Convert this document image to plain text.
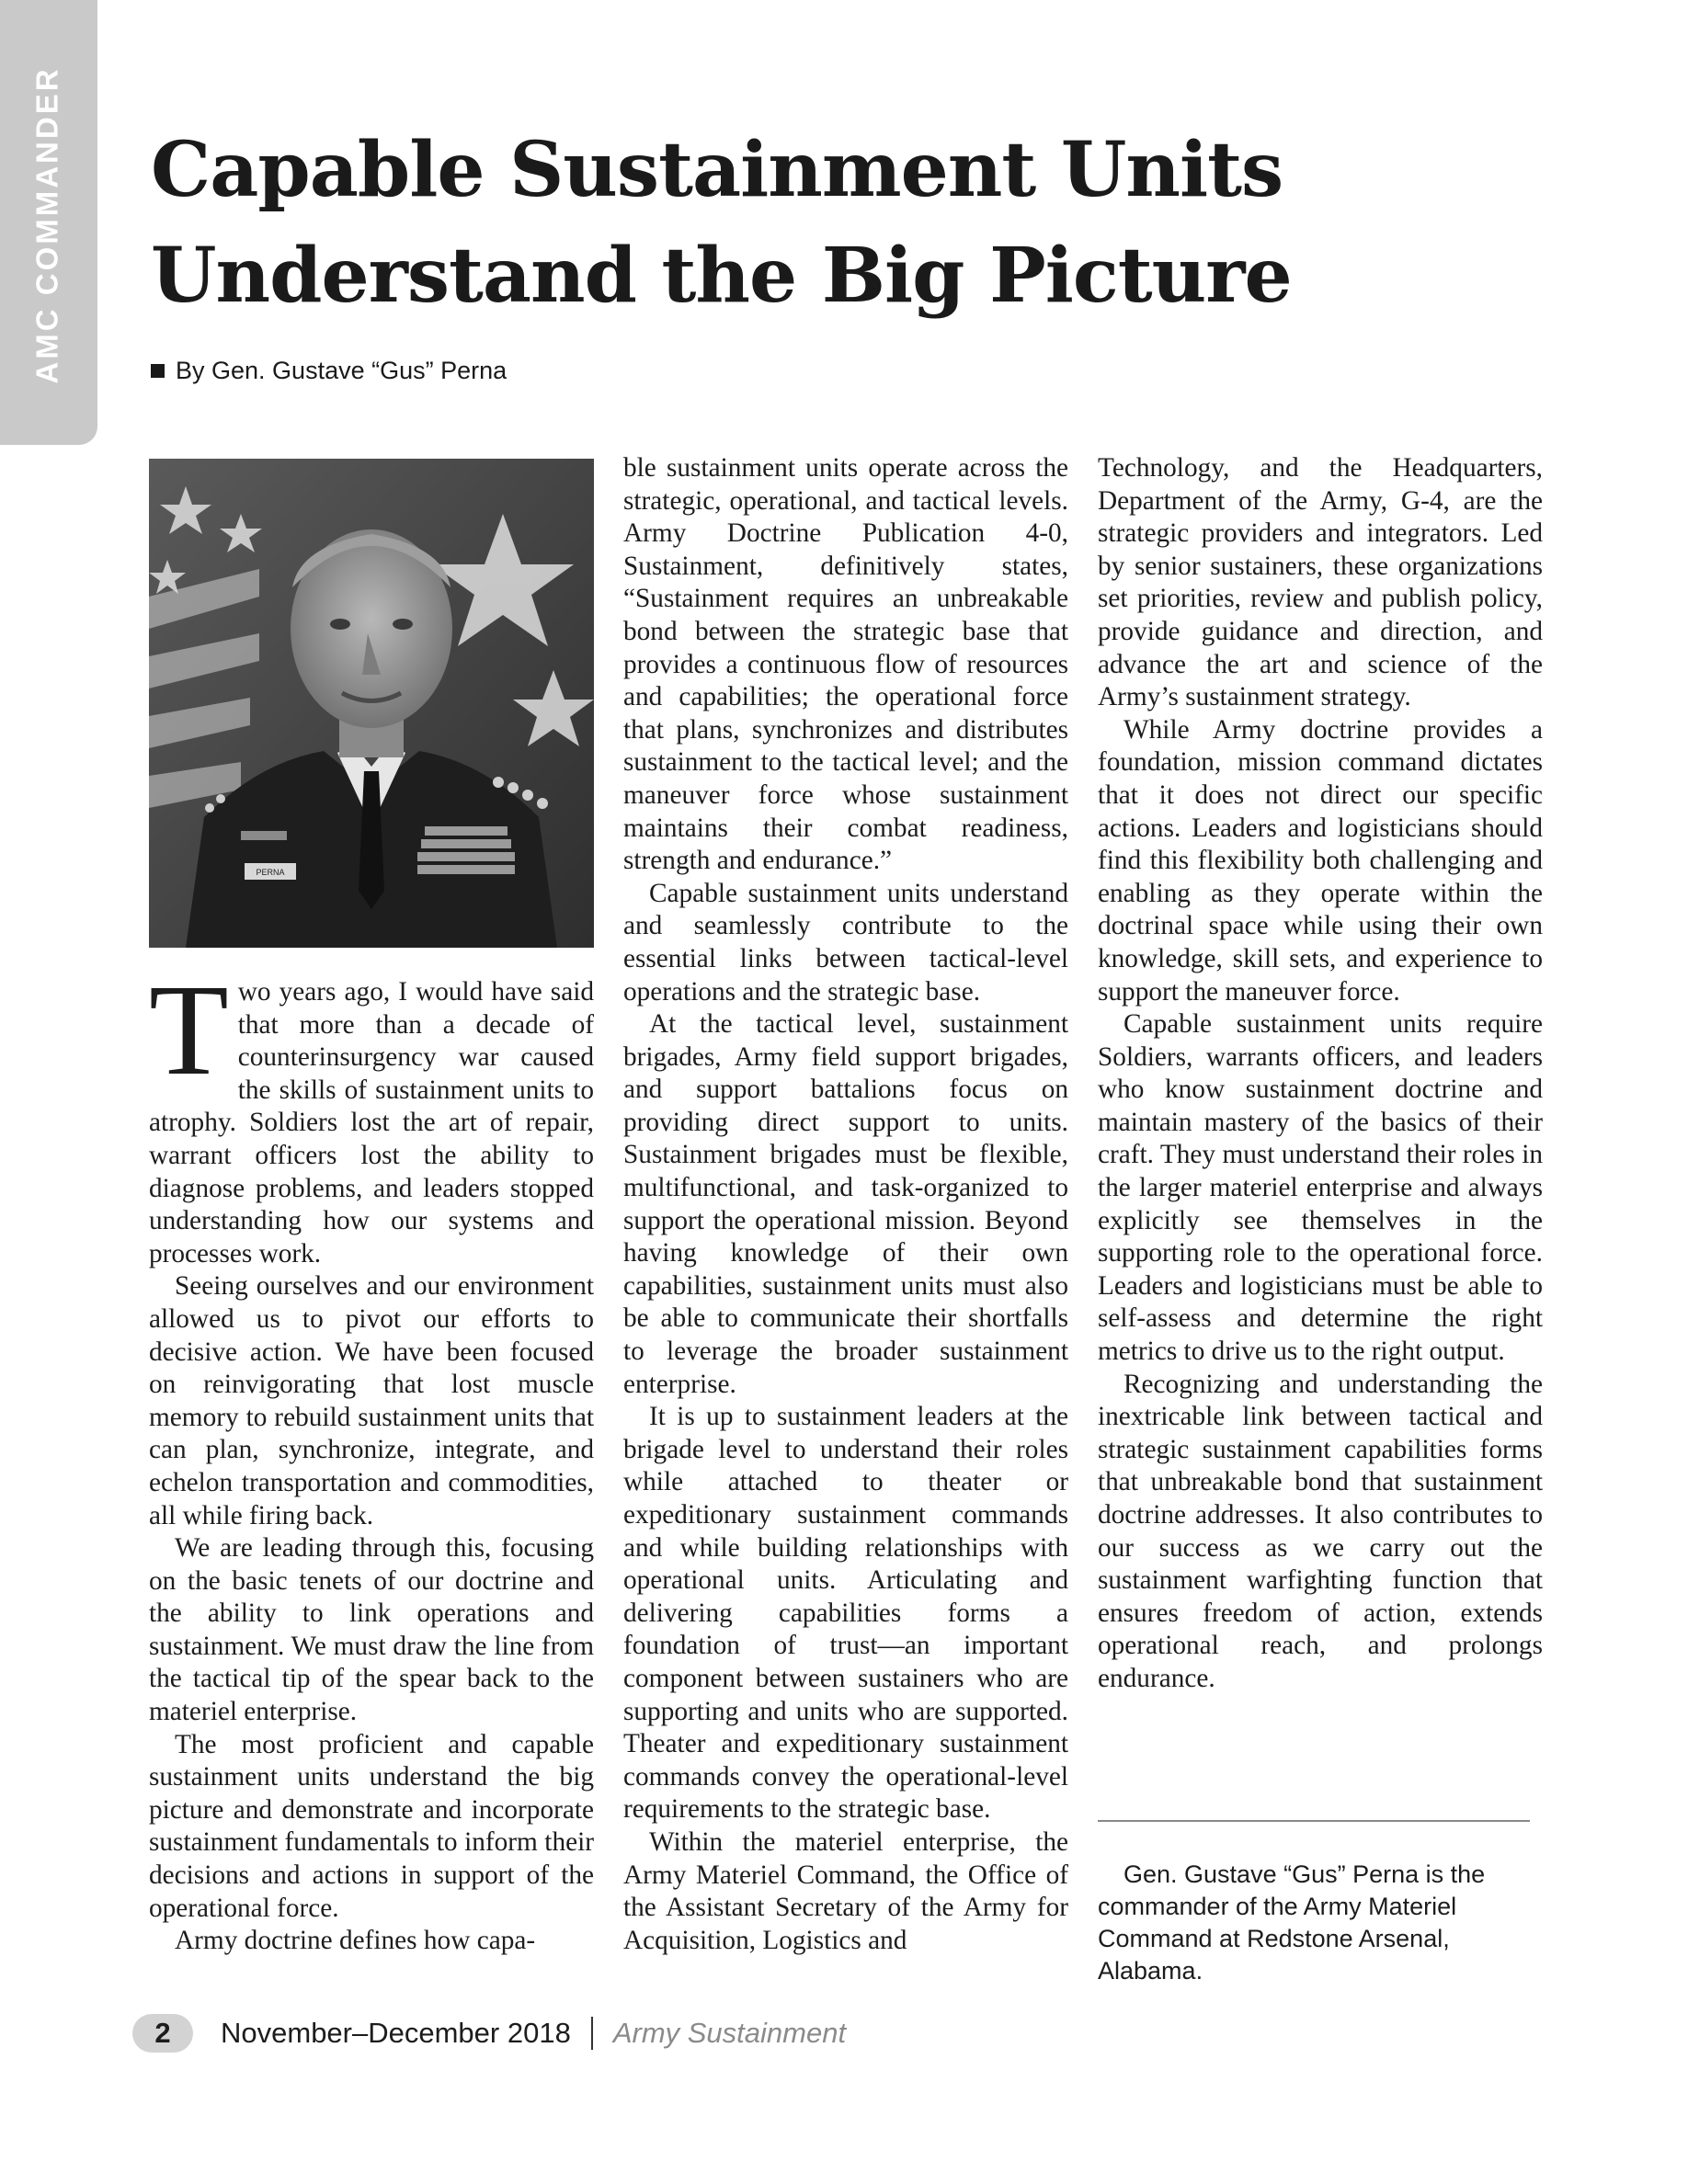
AMC COMMANDER Capable Sustainment Units
Understand the Big Picture
By Gen. Gustave “Gus” Perna
PERNA

Two years ago, I would have said that more than a decade of counterinsurgency war caused the skills of sustainment units to atrophy. Soldiers lost the art of repair, warrant officers lost the ability to diagnose problems, and leaders stopped understanding how our systems and processes work.

Seeing ourselves and our environment allowed us to pivot our efforts to decisive action. We have been focused on reinvigorating that lost muscle memory to rebuild sustainment units that can plan, synchronize, integrate, and echelon transportation and commodities, all while firing back.

We are leading through this, focusing on the basic tenets of our doctrine and the ability to link operations and sustainment. We must draw the line from the tactical tip of the spear back to the materiel enterprise.

The most proficient and capable sustainment units understand the big picture and demonstrate and incorporate sustainment fundamentals to inform their decisions and actions in support of the operational force.

Army doctrine defines how capa-

ble sustainment units operate across the strategic, operational, and tactical levels. Army Doctrine Publication 4-0, Sustainment, definitively states, “Sustainment requires an unbreakable bond between the strategic base that provides a continuous flow of resources and capabilities; the operational force that plans, synchronizes and distributes sustainment to the tactical level; and the maneuver force whose sustainment maintains their combat readiness, strength and endurance.”

Capable sustainment units understand and seamlessly contribute to the essential links between tactical-level operations and the strategic base.

At the tactical level, sustainment brigades, Army field support brigades, and support battalions focus on providing direct support to units. Sustainment brigades must be flexible, multifunctional, and task-organized to support the operational mission. Beyond having knowledge of their own capabilities, sustainment units must also be able to communicate their shortfalls to leverage the broader sustainment enterprise.

It is up to sustainment leaders at the brigade level to understand their roles while attached to theater or expeditionary sustainment commands and while building relationships with operational units. Articulating and delivering capabilities forms a foundation of trust—an important component between sustainers who are supporting and units who are supported. Theater and expeditionary sustainment commands convey the operational-level requirements to the strategic base.

Within the materiel enterprise, the Army Materiel Command, the Office of the Assistant Secretary of the Army for Acquisition, Logistics and

Technology, and the Headquarters, Department of the Army, G-4, are the strategic providers and integrators. Led by senior sustainers, these organizations set priorities, review and publish policy, provide guidance and direction, and advance the art and science of the Army’s sustainment strategy.

While Army doctrine provides a foundation, mission command dictates that it does not direct our specific actions. Leaders and logisticians should find this flexibility both challenging and enabling as they operate within the doctrinal space while using their own knowledge, skill sets, and experience to support the maneuver force.

Capable sustainment units require Soldiers, warrants officers, and leaders who know sustainment doctrine and maintain mastery of the basics of their craft. They must understand their roles in the larger materiel enterprise and always explicitly see themselves in the supporting role to the operational force. Leaders and logisticians must be able to self-assess and determine the right metrics to drive us to the right output.

Recognizing and understanding the inextricable link between tactical and strategic sustainment capabilities forms that unbreakable bond that sustainment doctrine addresses. It also contributes to our success as we carry out the sustainment warfighting function that ensures freedom of action, extends operational reach, and prolongs endurance.

Gen. Gustave “Gus” Perna is the commander of the Army Materiel Command at Redstone Arsenal, Alabama.
2	November–December 2018 Army Sustainment
